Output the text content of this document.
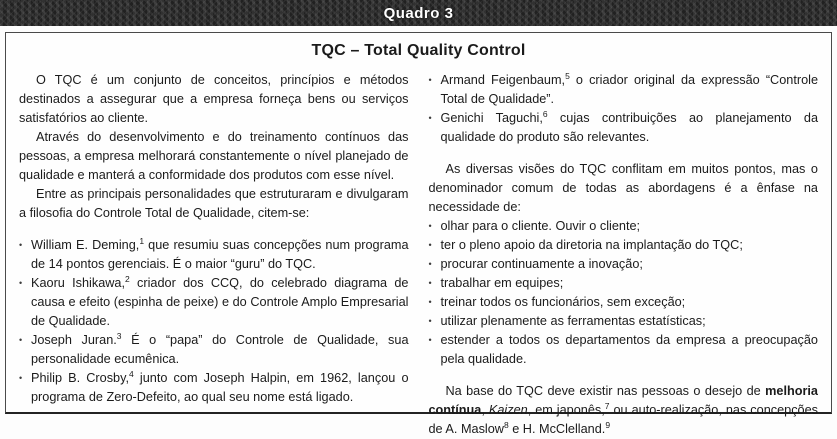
Quadro 3
TQC – Total Quality Control

O TQC é um conjunto de conceitos, princípios e métodos destinados a assegurar que a empresa forneça bens ou serviços satisfatórios ao cliente.

Através do desenvolvimento e do treinamento contínuos das pessoas, a empresa melhorará constantemente o nível planejado de qualidade e manterá a conformidade dos produtos com esse nível.

Entre as principais personalidades que estruturaram e divulgaram a filosofia do Controle Total de Qualidade, citem-se:

• William E. Deming,$^1$ que resumiu suas concepções num programa de 14 pontos gerenciais. É o maior “guru” do TQC.
• Kaoru Ishikawa,$^2$ criador dos CCQ, do celebrado diagrama de causa e efeito (espinha de peixe) e do Controle Amplo Empresarial de Qualidade.
• Joseph Juran.$^3$ É o “papa” do Controle de Qualidade, sua personalidade ecumênica.
• Philip B. Crosby,$^4$ junto com Joseph Halpin, em 1962, lançou o programa de Zero-Defeito, ao qual seu nome está ligado.
• Armand Feigenbaum,$^5$ o criador original da expressão “Controle Total de Qualidade”.
• Genichi Taguchi,$^6$ cujas contribuições ao planejamento da qualidade do produto são relevantes.

As diversas visões do TQC conflitam em muitos pontos, mas o denominador comum de todas as abordagens é a ênfase na necessidade de:

• olhar para o cliente. Ouvir o cliente;
• ter o pleno apoio da diretoria na implantação do TQC;
• procurar continuamente a inovação;
• trabalhar em equipes;
• treinar todos os funcionários, sem exceção;
• utilizar plenamente as ferramentas estatísticas;
• estender a todos os departamentos da empresa a preocupação pela qualidade.

Na base do TQC deve existir nas pessoas o desejo de melhoria contínua, Kaizen, em japonês,$^7$ ou auto-realização, nas concepções de A. Maslow$^8$ e H. McClelland.$^9$
